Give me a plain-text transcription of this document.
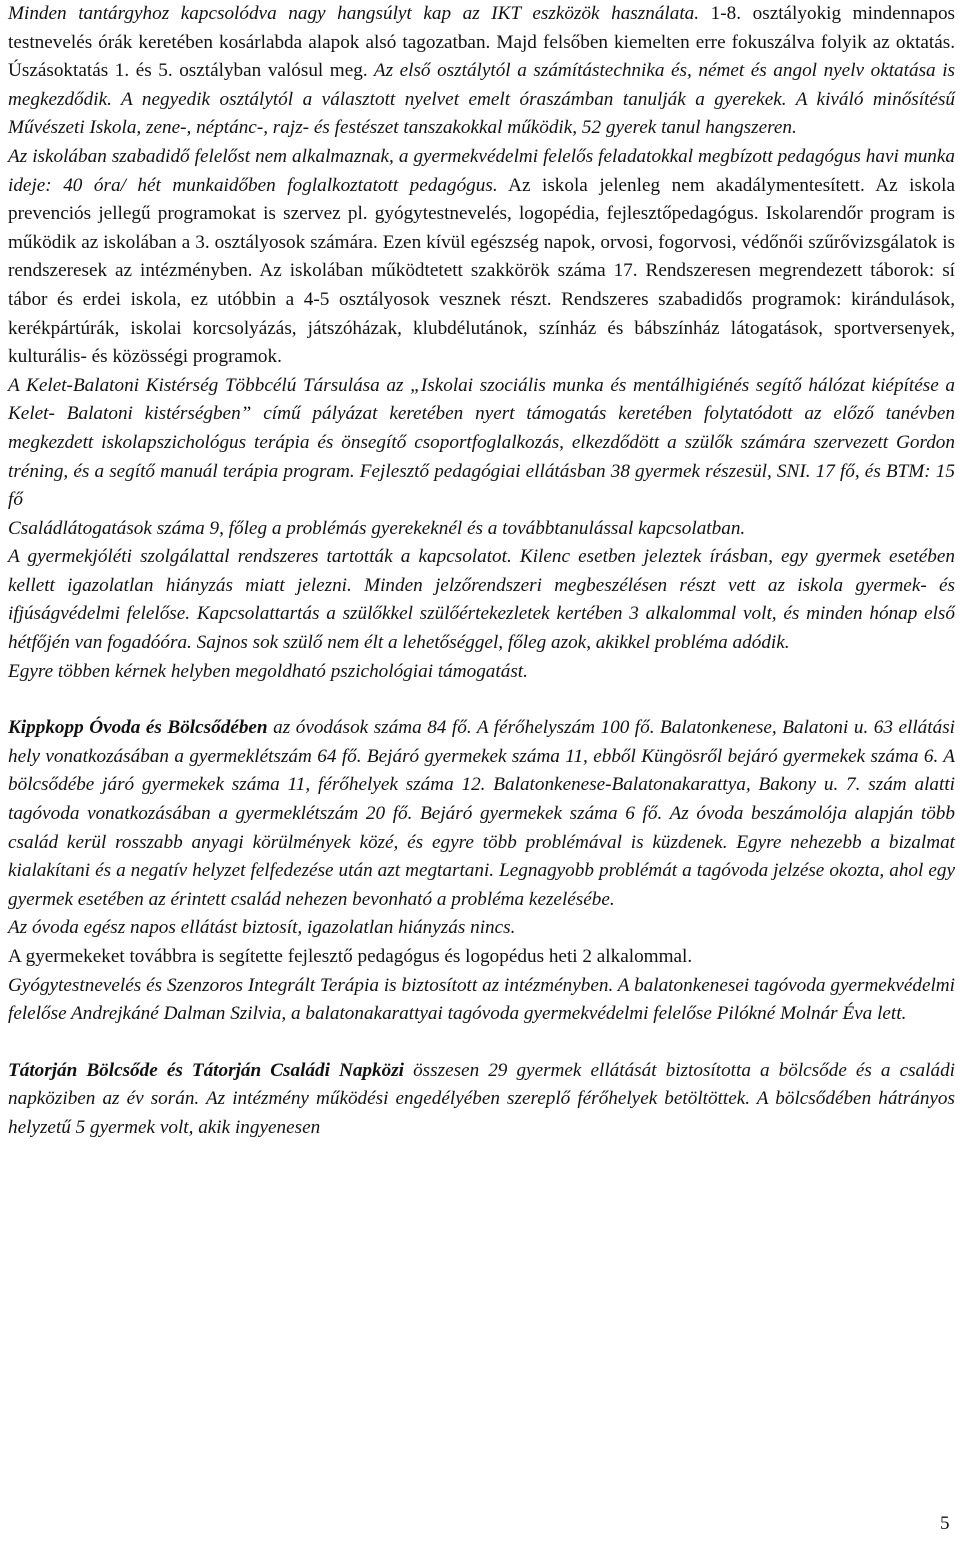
Minden tantárgyhoz kapcsolódva nagy hangsúlyt kap az IKT eszközök használata. 1-8. osztályokig mindennapos testnevelés órák keretében kosárlabda alapok alsó tagozatban. Majd felsőben kiemelten erre fokuszálva folyik az oktatás. Úszásoktatás 1. és 5. osztályban valósul meg. Az első osztálytól a számítástechnika és, német és angol nyelv oktatása is megkezdődik. A negyedik osztálytól a választott nyelvet emelt óraszámban tanulják a gyerekek. A kiváló minősítésű Művészeti Iskola, zene-, néptánc-, rajz- és festészet tanszakokkal működik, 52 gyerek tanul hangszeren.

Az iskolában szabadidő felelőst nem alkalmaznak, a gyermekvédelmi felelős feladatokkal megbízott pedagógus havi munka ideje: 40 óra/ hét munkaidőben foglalkoztatott pedagógus. Az iskola jelenleg nem akadálymentesített. Az iskola prevenciós jellegű programokat is szervez pl. gyógytestnevelés, logopédia, fejlesztőpedagógus. Iskolarendőr program is működik az iskolában a 3. osztályosok számára. Ezen kívül egészség napok, orvosi, fogorvosi, védőnői szűrővizsgálatok is rendszeresek az intézményben. Az iskolában működtetett szakkörök száma 17. Rendszeresen megrendezett táborok: sí tábor és erdei iskola, ez utóbbin a 4-5 osztályosok vesznek részt. Rendszeres szabadidős programok: kirándulások, kerékpártúrák, iskolai korcsolyázás, játszóházak, klubdélutánok, színház és bábszínház látogatások, sportversenyek, kulturális- és közösségi programok.

A Kelet-Balatoni Kistérség Többcélú Társulása az „Iskolai szociális munka és mentálhigiénés segítő hálózat kiépítése a Kelet- Balatoni kistérségben” című pályázat keretében nyert támogatás keretében folytatódott az előző tanévben megkezdett iskolapszichológus terápia és önsegítő csoportfoglalkozás, elkezdődött a szülők számára szervezett Gordon tréning, és a segítő manuál terápia program. Fejlesztő pedagógiai ellátásban 38 gyermek részesül, SNI. 17 fő, és BTM: 15 fő

Családlátogatások száma 9, főleg a problémás gyerekeknél és a továbbtanulással kapcsolatban.

A gyermekjóléti szolgálattal rendszeres tartották a kapcsolatot. Kilenc esetben jeleztek írásban, egy gyermek esetében kellett igazolatlan hiányzás miatt jelezni. Minden jelzőrendszeri megbeszélésen részt vett az iskola gyermek- és ifjúságvédelmi felelőse. Kapcsolattartás a szülőkkel szülőértekezletek kertében 3 alkalommal volt, és minden hónap első hétfőjén van fogadóóra. Sajnos sok szülő nem élt a lehetőséggel, főleg azok, akikkel probléma adódik.

Egyre többen kérnek helyben megoldható pszichológiai támogatást.

Kippkopp Óvoda és Bölcsődében az óvodások száma 84 fő. A férőhelyszám 100 fő. Balatonkenese, Balatoni u. 63 ellátási hely vonatkozásában a gyermeklétszám 64 fő. Bejáró gyermekek száma 11, ebből Küngösről bejáró gyermekek száma 6. A bölcsődébe járó gyermekek száma 11, férőhelyek száma 12. Balatonkenese-Balatonakarattya, Bakony u. 7. szám alatti tagóvoda vonatkozásában a gyermeklétszám 20 fő. Bejáró gyermekek száma 6 fő. Az óvoda beszámolója alapján több család kerül rosszabb anyagi körülmények közé, és egyre több problémával is küzdenek. Egyre nehezebb a bizalmat kialakítani és a negatív helyzet felfedezése után azt megtartani. Legnagyobb problémát a tagóvoda jelzése okozta, ahol egy gyermek esetében az érintett család nehezen bevonható a probléma kezelésébe.

Az óvoda egész napos ellátást biztosít, igazolatlan hiányzás nincs.

A gyermekeket továbbra is segítette fejlesztő pedagógus és logopédus heti 2 alkalommal.

Gyógytestnevelés és Szenzoros Integrált Terápia is biztosított az intézményben. A balatonkenesei tagóvoda gyermekvédelmi felelőse Andrejkáné Dalman Szilvia, a balatonakarattyai tagóvoda gyermekvédelmi felelőse Pilókné Molnár Éva lett.

Tátorján Bölcsőde és Tátorján Családi Napközi összesen 29 gyermek ellátását biztosította a bölcsőde és a családi napköziben az év során. Az intézmény működési engedélyében szereplő férőhelyek betöltöttek. A bölcsődében hátrányos helyzetű 5 gyermek volt, akik ingyenesen

5
